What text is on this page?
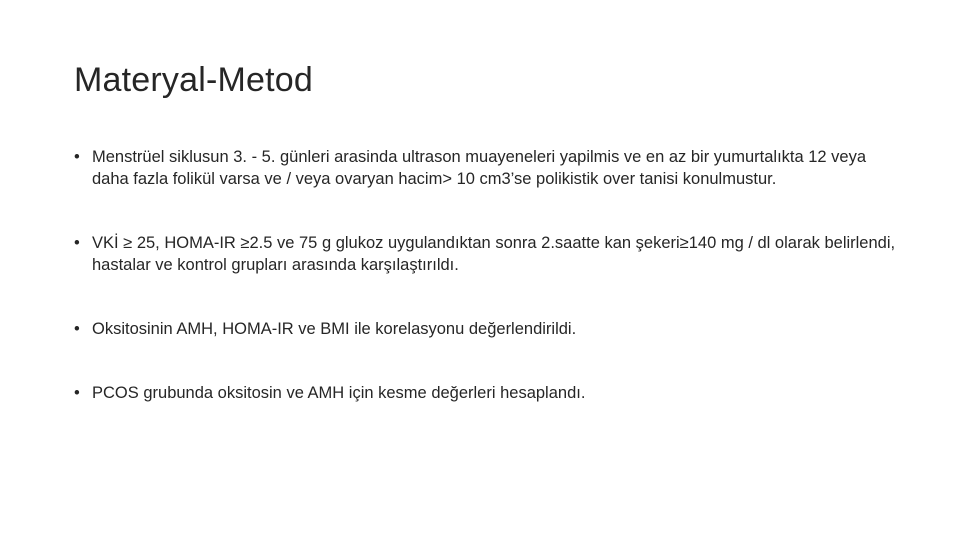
Materyal-Metod
• Menstrüel siklusun 3. - 5. günleri arasinda ultrason muayeneleri yapilmis ve en az bir yumurtalıkta 12 veya daha fazla folikül varsa ve / veya ovaryan hacim> 10 cm3’se polikistik over tanisi konulmustur.
• VKİ ≥ 25, HOMA-IR ≥2.5 ve 75 g glukoz uygulandıktan sonra 2.saatte kan şekeri≥140 mg / dl olarak belirlendi, hastalar ve kontrol grupları arasında karşılaştırıldı.
• Oksitosinin AMH, HOMA-IR ve BMI ile korelasyonu değerlendirildi.
• PCOS grubunda oksitosin ve AMH için kesme değerleri hesaplandı.
